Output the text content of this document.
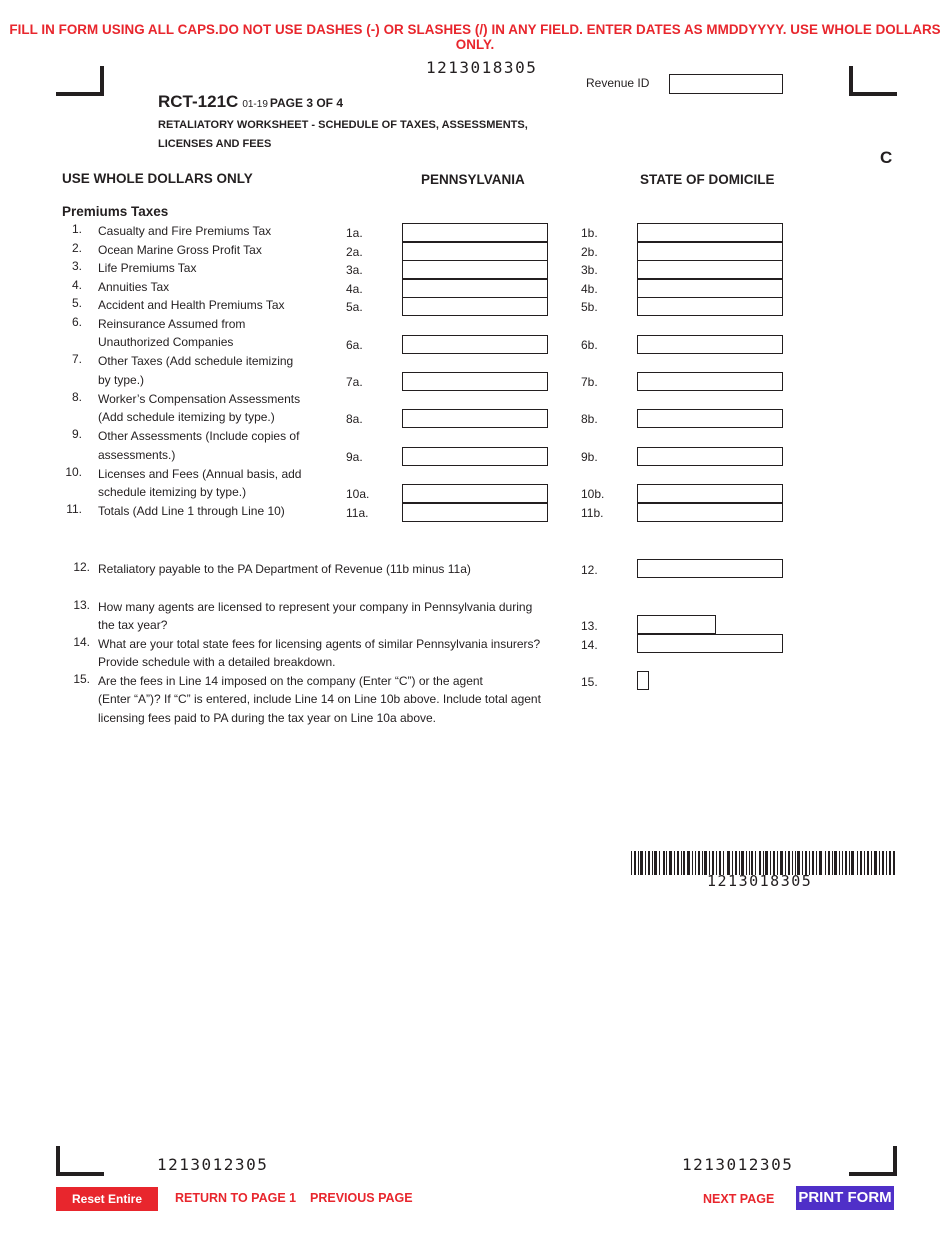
FILL IN FORM USING ALL CAPS.DO NOT USE DASHES (-) OR SLASHES (/) IN ANY FIELD. ENTER DATES AS MMDDYYYY. USE WHOLE DOLLARS ONLY.
1213018305
RCT-121C 01-19 PAGE 3 OF 4
RETALIATORY WORKSHEET - SCHEDULE OF TAXES, ASSESSMENTS, LICENSES AND FEES
Revenue ID
C
USE WHOLE DOLLARS ONLY	PENNSYLVANIA	STATE OF DOMICILE
Premiums Taxes
1. Casualty and Fire Premiums Tax	1a.	1b.
2. Ocean Marine Gross Profit Tax	2a.	2b.
3. Life Premiums Tax	3a.	3b.
4. Annuities Tax	4a.	4b.
5. Accident and Health Premiums Tax	5a.	5b.
6. Reinsurance Assumed from
Unauthorized Companies	6a.	6b.
7. Other Taxes (Add schedule itemizing
by type.)	7a.	7b.
8. Worker’s Compensation Assessments
(Add schedule itemizing by type.)	8a.	8b.
9. Other Assessments (Include copies of
assessments.)	9a.	9b.
10. Licenses and Fees (Annual basis, add
schedule itemizing by type.)	10a.	10b.
11. Totals (Add Line 1 through Line 10)	11a.	11b.
12. Retaliatory payable to the PA Department of Revenue (11b minus 11a)	12.
13. How many agents are licensed to represent your company in Pennsylvania during
the tax year?	13.
14. What are your total state fees for licensing agents of similar Pennsylvania insurers?
Provide schedule with a detailed breakdown.
14.
15. Are the fees in Line 14 imposed on the company (Enter “C”) or the agent
(Enter “A”)? If “C” is entered, include Line 14 on Line 10b above. Include total agent
licensing fees paid to PA during the tax year on Line 10a above.
15.
1213018305
1213012305	1213012305
Reset Entire Form
RETURN TO PAGE 1 PREVIOUS PAGE	NEXT PAGE PRINT FORM
